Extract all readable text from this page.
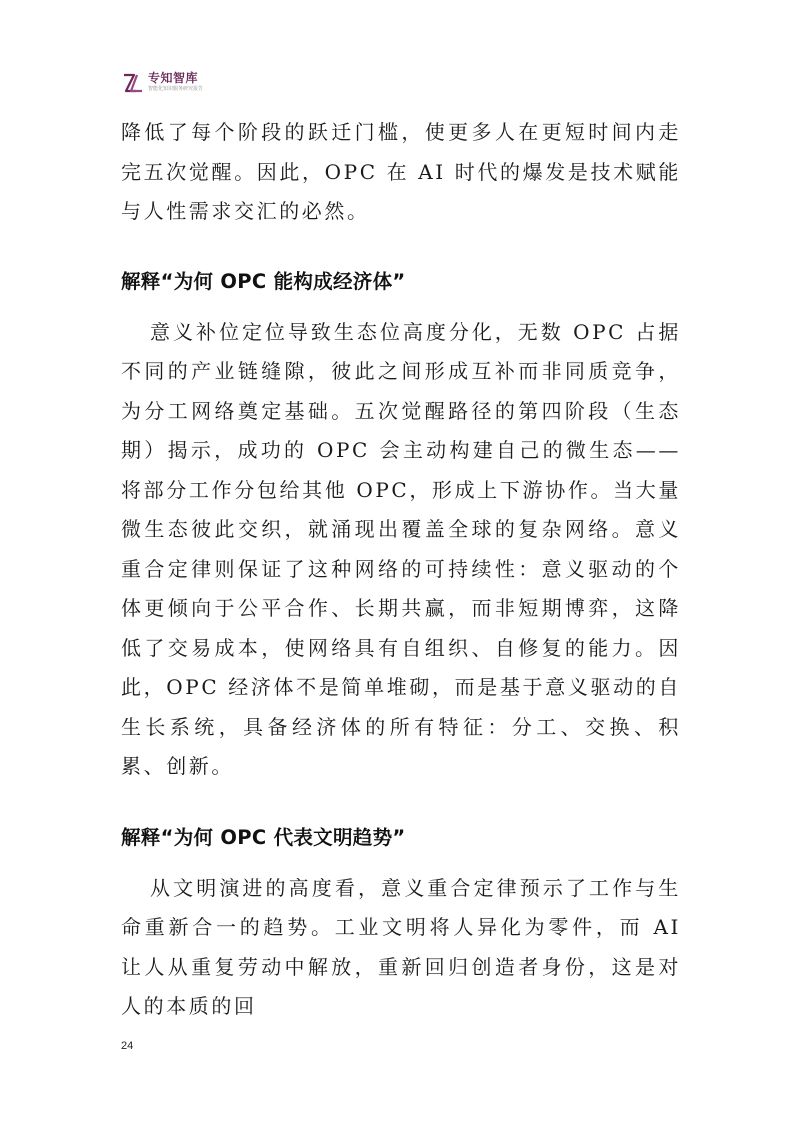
专知智库
智能化知识服务研究报告

降低了每个阶段的跃迁门槛，使更多人在更短时间内走完五次觉醒。因此，OPC 在 AI 时代的爆发是技术赋能与人性需求交汇的必然。

解释“为何 OPC 能构成经济体”

意义补位定位导致生态位高度分化，无数 OPC 占据不同的产业链缝隙，彼此之间形成互补而非同质竞争，为分工网络奠定基础。五次觉醒路径的第四阶段（生态期）揭示，成功的 OPC 会主动构建自己的微生态——将部分工作分包给其他 OPC，形成上下游协作。当大量微生态彼此交织，就涌现出覆盖全球的复杂网络。意义重合定律则保证了这种网络的可持续性：意义驱动的个体更倾向于公平合作、长期共赢，而非短期博弈，这降低了交易成本，使网络具有自组织、自修复的能力。因此，OPC 经济体不是简单堆砌，而是基于意义驱动的自生长系统，具备经济体的所有特征：分工、交换、积累、创新。

解释“为何 OPC 代表文明趋势”

从文明演进的高度看，意义重合定律预示了工作与生命重新合一的趋势。工业文明将人异化为零件，而 AI 让人从重复劳动中解放，重新回归创造者身份，这是对人的本质的回

24
